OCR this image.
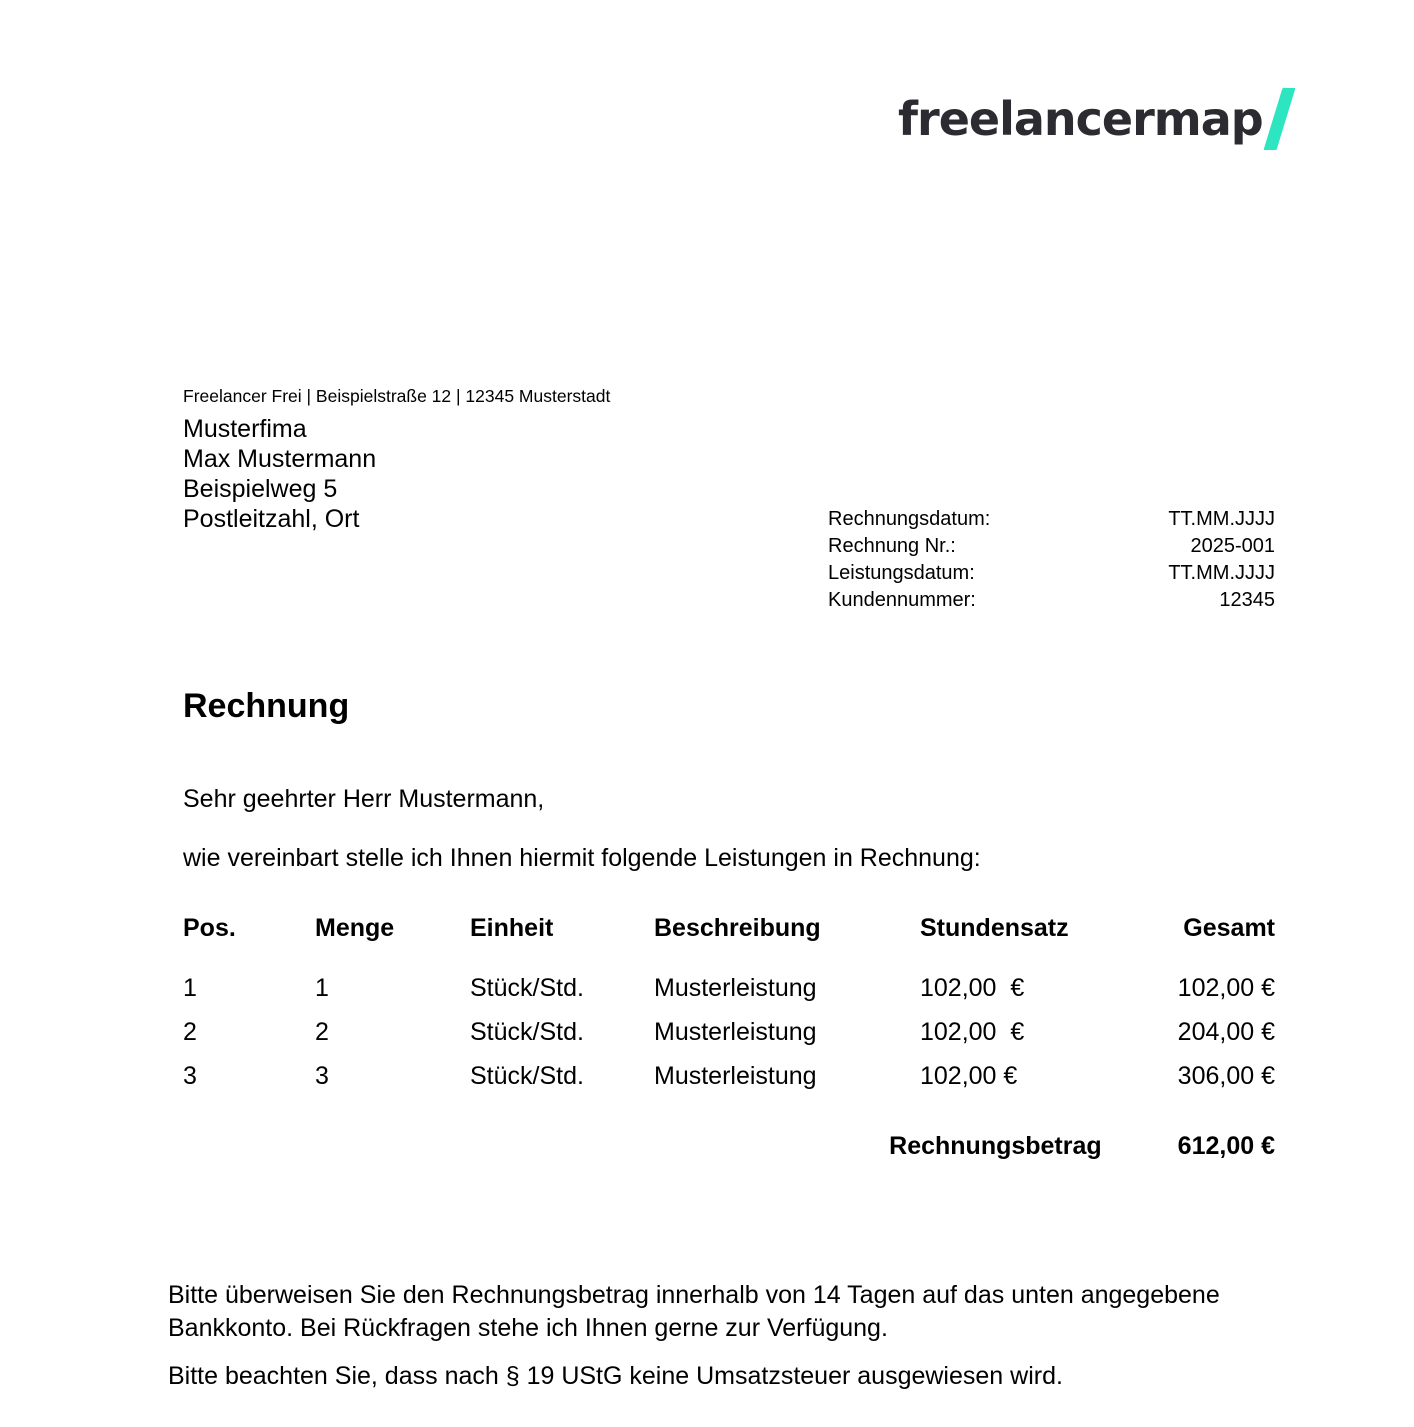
freelancermap
Freelancer Frei | Beispielstraße 12 | 12345 Musterstadt
Musterfima
Max Mustermann
Beispielweg 5
Postleitzahl, Ort	Rechnungsdatum:	TT.MM.JJJJ
Rechnung Nr.:	2025-001
Leistungsdatum:	TT.MM.JJJJ
Kundennummer:	12345
Rechnung
Sehr geehrter Herr Mustermann,
wie vereinbart stelle ich Ihnen hiermit folgende Leistungen in Rechnung:
Pos.	Menge	Einheit	Beschreibung	Stundensatz	Gesamt
1	1	Stück/Std.	Musterleistung	102,00  €	102,00 €
2	2	Stück/Std.	Musterleistung	102,00  €	204,00 €
3	3	Stück/Std.	Musterleistung	102,00 €	306,00 €
Rechnungsbetrag	612,00 €

Bitte überweisen Sie den Rechnungsbetrag innerhalb von 14 Tagen auf das unten angegebene Bankkonto. Bei Rückfragen stehe ich Ihnen gerne zur Verfügung.

Bitte beachten Sie, dass nach § 19 UStG keine Umsatzsteuer ausgewiesen wird.
